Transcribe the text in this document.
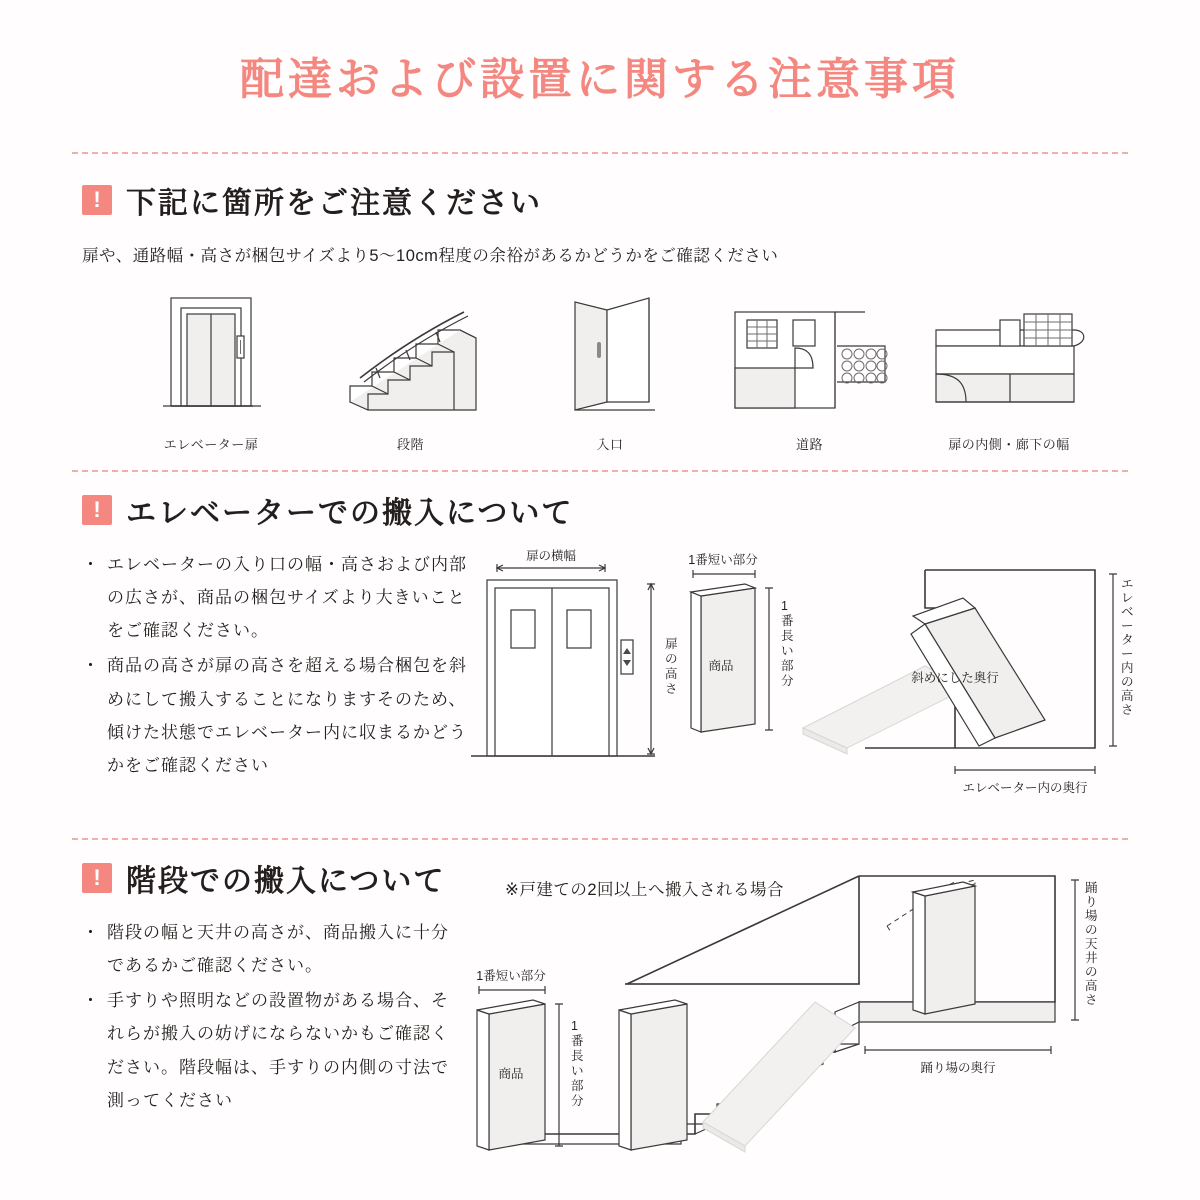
配達および設置に関する注意事項
! 下記に箇所をご注意ください
扉や、通路幅・高さが梱包サイズより5〜10cm程度の余裕があるかどうかをご確認ください
エレベーター扉	段階	入口	道路	扉の内側・廊下の幅
! エレベーターでの搬入について
・ エレベーターの入り口の幅・高さおよび内部の広さが、商品の梱包サイズより大きいことをご確認ください。
・ 商品の高さが扉の高さを超える場合梱包を斜めにして搬入することになりますそのため、傾けた状態でエレベーター内に収まるかどうかをご確認ください
扉の横幅
扉の高さ
商品
1番短い部分
1 番長い部分	斜めにした奥行
エレベーター内の高さ
エレベーター内の奥行
! 階段での搬入について
・ 階段の幅と天井の高さが、商品搬入に十分であるかご確認ください。
・ 手すりや照明などの設置物がある場合、それらが搬入の妨げにならないかもご確認ください。階段幅は、手すりの内側の寸法で測ってください
※戸建ての2回以上へ搬入される場合	踊り場の天井の高さ
踊り場の奥行
商品
1番短い部分
1 番長い部分
